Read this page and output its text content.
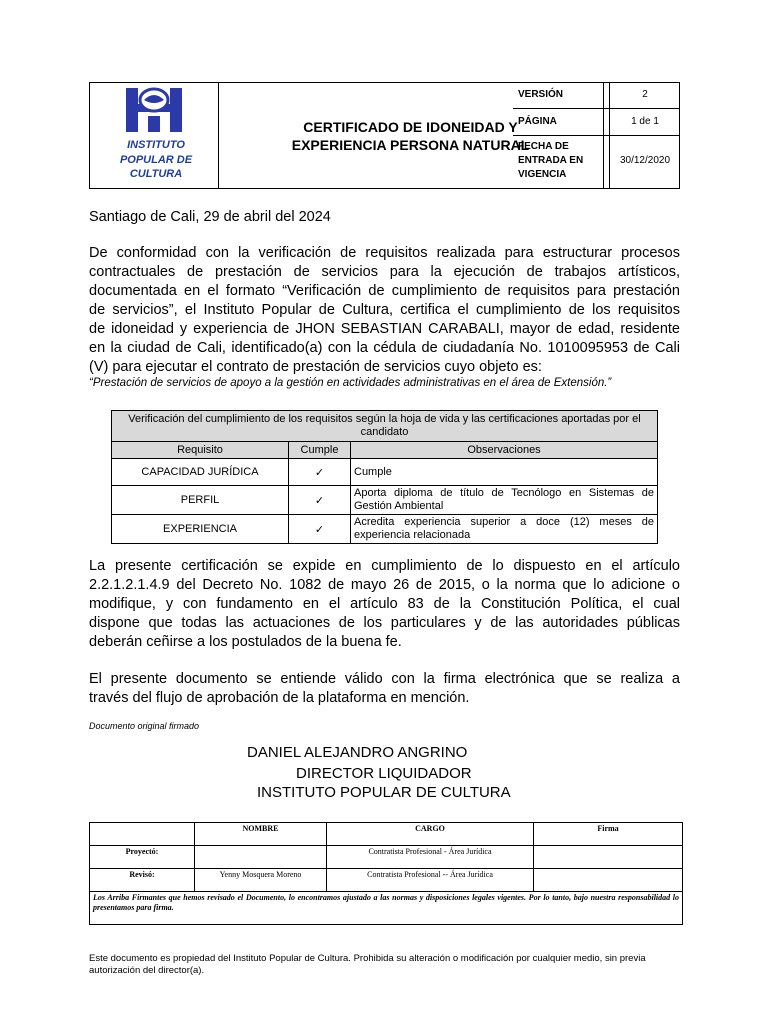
CERTIFICADO DE IDONEIDAD Y
EXPERIENCIA PERSONA NATURAL
VERSIÓN	2
PÁGINA	1 de 1
FECHA DE
ENTRADA EN
VIGENCIA
30/12/2020
INSTITUTO
POPULAR DE CULTURA
Santiago de Cali, 29 de abril del 2024
De conformidad con la verificación de requisitos realizada para estructurar procesos
contractuales de prestación de servicios para la ejecución de trabajos artísticos,
documentada en el formato “Verificación de cumplimiento de requisitos para prestación
de servicios”, el Instituto Popular de Cultura, certifica el cumplimiento de los requisitos
de idoneidad y experiencia de JHON SEBASTIAN CARABALI, mayor de edad, residente
en la ciudad de Cali, identificado(a) con la cédula de ciudadanía No. 1010095953 de Cali
(V) para ejecutar el contrato de prestación de servicios cuyo objeto es:
“Prestación de servicios de apoyo a la gestión en actividades administrativas en el área de Extensión.”
Verificación del cumplimiento de los requisitos según la hoja de vida y las certificaciones aportadas por el candidato		
Requisito	Cumple	Observaciones
CAPACIDAD JURÍDICA	✓	Cumple
PERFIL	✓	Aporta diploma de título de Tecnólogo en Sistemas de Gestión Ambiental
EXPERIENCIA	✓	Acredita experiencia superior a doce (12) meses de experiencia relacionada
La presente certificación se expide en cumplimiento de lo dispuesto en el artículo
2.2.1.2.1.4.9 del Decreto No. 1082 de mayo 26 de 2015, o la norma que lo adicione o
modifique, y con fundamento en el artículo 83 de la Constitución Política, el cual
dispone que todas las actuaciones de los particulares y de las autoridades públicas
deberán ceñirse a los postulados de la buena fe.
El presente documento se entiende válido con la firma electrónica que se realiza a
través del flujo de aprobación de la plataforma en mención.
Documento original firmado
DANIEL ALEJANDRO ANGRINO
DIRECTOR LIQUIDADOR
INSTITUTO POPULAR DE CULTURA
	NOMBRE	CARGO	Firma
Proyectó:		Contratista Profesional - Área Jurídica	
Revisó:	Yenny Mosquera Moreno	Contratista Profesional -- Área Jurídica	
Los Arriba Firmantes que hemos revisado el Documento, lo encontramos ajustado a las normas y disposiciones legales vigentes. Por lo tanto, bajo nuestra responsabilidad lo presentamos para firma.			
Este documento es propiedad del Instituto Popular de Cultura. Prohibida su alteración o modificación por cualquier medio, sin previa
autorización del director(a).
